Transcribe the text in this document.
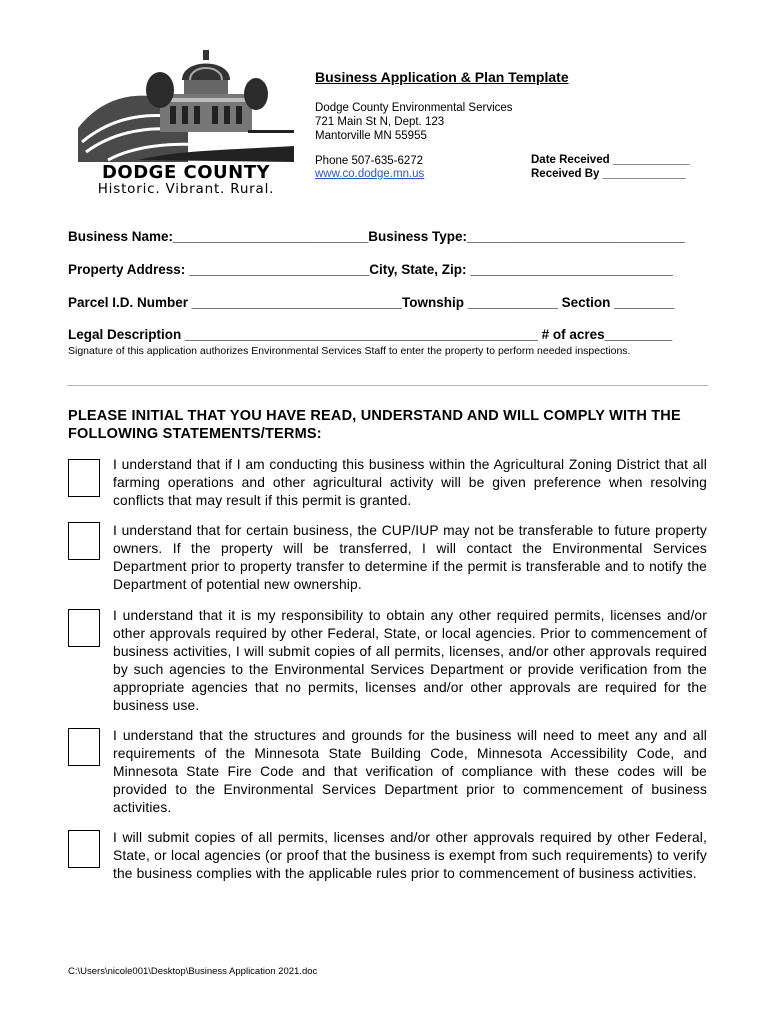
DODGE COUNTY
Historic. Vibrant. Rural.
Business Application & Plan Template
Dodge County Environmental Services
721 Main St N, Dept. 123
Mantorville MN 55955
Phone 507-635-6272
www.co.dodge.mn.us
Date Received ____________
Received By _____________
Business Name:__________________________Business Type:_____________________________
Property Address: ________________________City, State, Zip: ___________________________
Parcel I.D. Number ____________________________Township ____________ Section ________
Legal Description _______________________________________________ # of acres_________
Signature of this application authorizes Environmental Services Staff to enter the property to perform needed inspections.
PLEASE INITIAL THAT YOU HAVE READ, UNDERSTAND AND WILL COMPLY WITH THE FOLLOWING STATEMENTS/TERMS:
I understand that if I am conducting this business within the Agricultural Zoning District that all farming operations and other agricultural activity will be given preference when resolving conflicts that may result if this permit is granted.
I understand that for certain business, the CUP/IUP may not be transferable to future property owners. If the property will be transferred, I will contact the Environmental Services Department prior to property transfer to determine if the permit is transferable and to notify the Department of potential new ownership.
I understand that it is my responsibility to obtain any other required permits, licenses and/or other approvals required by other Federal, State, or local agencies. Prior to commencement of business activities, I will submit copies of all permits, licenses, and/or other approvals required by such agencies to the Environmental Services Department or provide verification from the appropriate agencies that no permits, licenses and/or other approvals are required for the business use.
I understand that the structures and grounds for the business will need to meet any and all requirements of the Minnesota State Building Code, Minnesota Accessibility Code, and Minnesota State Fire Code and that verification of compliance with these codes will be provided to the Environmental Services Department prior to commencement of business activities.
I will submit copies of all permits, licenses and/or other approvals required by other Federal, State, or local agencies (or proof that the business is exempt from such requirements) to verify the business complies with the applicable rules prior to commencement of business activities.
C:\Users\nicole001\Desktop\Business Application 2021.doc
